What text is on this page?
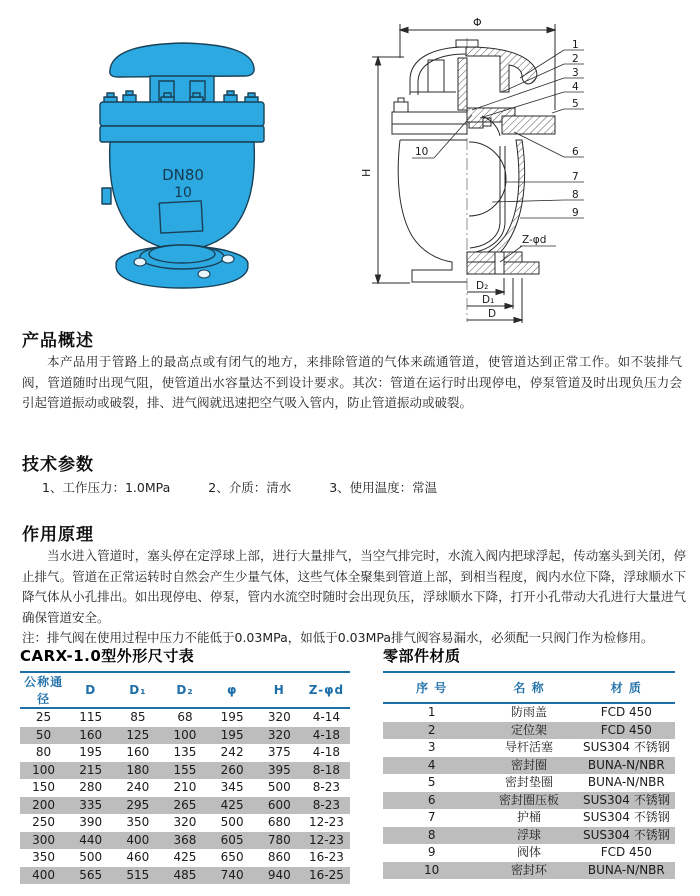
DN80
10
Φ
H
1
2
3
4
5
6
7
8
9
10
Z-φd
D₂
D₁
D
产品概述
本产品用于管路上的最高点或有闭气的地方，来排除管道的气体来疏通管道，使管道达到正常工作。如不装排气阀，管道随时出现气阻，使管道出水容量达不到设计要求。其次：管道在运行时出现停电，停泵管道及时出现负压力会引起管道振动或破裂，排、进气阀就迅速把空气吸入管内，防止管道振动或破裂。
技术参数
1、工作压力：1.0MPa	2、介质：清水	3、使用温度：常温
作用原理
当水进入管道时，塞头停在定浮球上部，进行大量排气，当空气排完时，水流入阀内把球浮起，传动塞头到关闭，停止排气。管道在正常运转时自然会产生少量气体，这些气体全聚集到管道上部，到相当程度，阀内水位下降，浮球顺水下降气体从小孔排出。如出现停电、停泵，管内水流空时随时会出现负压，浮球顺水下降，打开小孔带动大孔进行大量进气确保管道安全。
注：排气阀在使用过程中压力不能低于0.03MPa，如低于0.03MPa排气阀容易漏水，必须配一只阀门作为检修用。
CARX-1.0型外形尺寸表
公称通径	D	D₁	D₂	φ	H	Z-φd
25	115	85	68	195	320	4-14
50	160	125	100	195	320	4-18
80	195	160	135	242	375	4-18
100	215	180	155	260	395	8-18
150	280	240	210	345	500	8-23
200	335	295	265	425	600	8-23
250	390	350	320	500	680	12-23
300	440	400	368	605	780	12-23
350	500	460	425	650	860	16-23
400	565	515	485	740	940	16-25
零部件材质
序 号	名 称	材 质
1	防雨盖	FCD 450
2	定位架	FCD 450
3	导杆活塞	SUS304 不锈钢
4	密封圈	BUNA-N/NBR
5	密封垫圈	BUNA-N/NBR
6	密封圈压板	SUS304 不锈钢
7	护桶	SUS304 不锈钢
8	浮球	SUS304 不锈钢
9	阀体	FCD 450
10	密封环	BUNA-N/NBR
